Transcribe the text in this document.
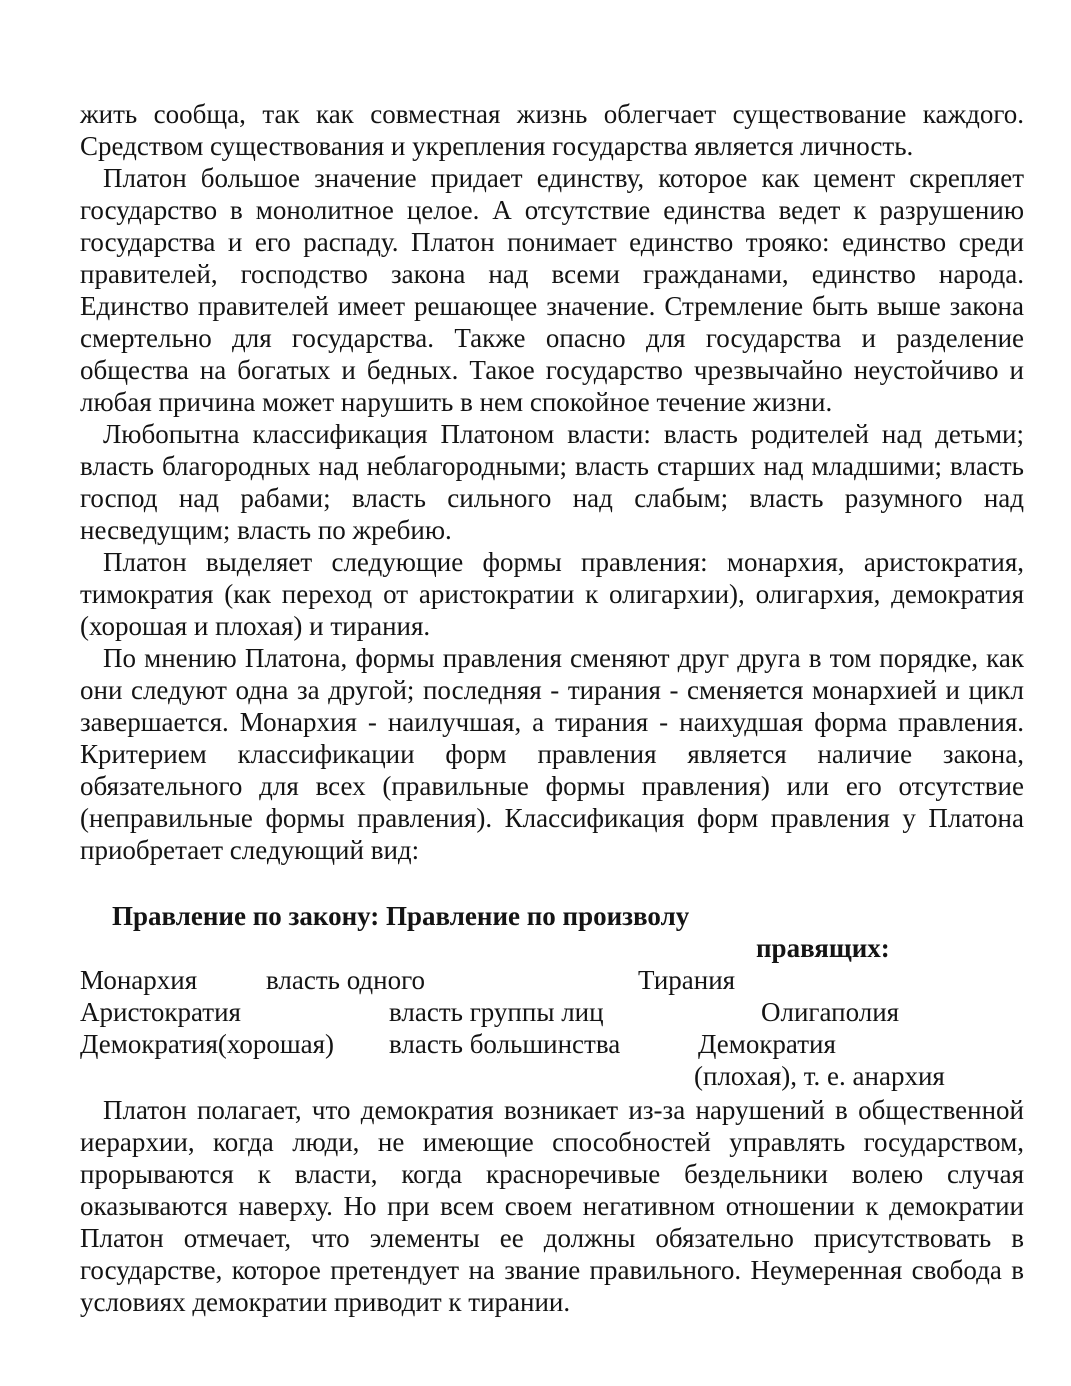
жить сообща, так как совместная жизнь облегчает существование каждого. Средством существования и укрепления государства является личность.

Платон большое значение придает единству, которое как цемент скрепляет государство в монолитное целое. А отсутствие единства ведет к разрушению государства и его распаду. Платон понимает единство трояко: единство среди правителей, господство закона над всеми гражданами, единство народа. Единство правителей имеет решающее значение. Стремление быть выше закона смертельно для государства. Также опасно для государства и разделение общества на богатых и бедных. Такое государство чрезвычайно неустойчиво и любая причина может нарушить в нем спокойное течение жизни.

Любопытна классификация Платоном власти: власть родителей над детьми; власть благородных над неблагородными; власть старших над младшими; власть господ над рабами; власть сильного над слабым; власть разумного над несведущим; власть по жребию.

Платон выделяет следующие формы правления: монархия, аристократия, тимократия (как переход от аристократии к олигархии), олигархия, демократия (хорошая и плохая) и тирания.

По мнению Платона, формы правления сменяют друг друга в том порядке, как они следуют одна за другой; последняя - тирания - сменяется монархией и цикл завершается. Монархия - наилучшая, а тирания - наихудшая форма правления. Критерием классификации форм правления является наличие закона, обязательного для всех (правильные формы правления) или его отсутствие (неправильные формы правления). Классификация форм правления у Платона приобретает следующий вид:

Правление по закону: Правление по произволу
правящих:
Монархия	власть одного	Тирания
Аристократия	власть группы лиц	Олигаполия
Демократия(хорошая) власть большинства	Демократия
(плохая), т. е. анархия

Платон полагает, что демократия возникает из-за нарушений в общественной иерархии, когда люди, не имеющие способностей управлять государством, прорываются к власти, когда красноречивые бездельники волею случая оказываются наверху. Но при всем своем негативном отношении к демократии Платон отмечает, что элементы ее должны обязательно присутствовать в государстве, которое претендует на звание правильного. Неумеренная свобода в условиях демократии приводит к тирании.
